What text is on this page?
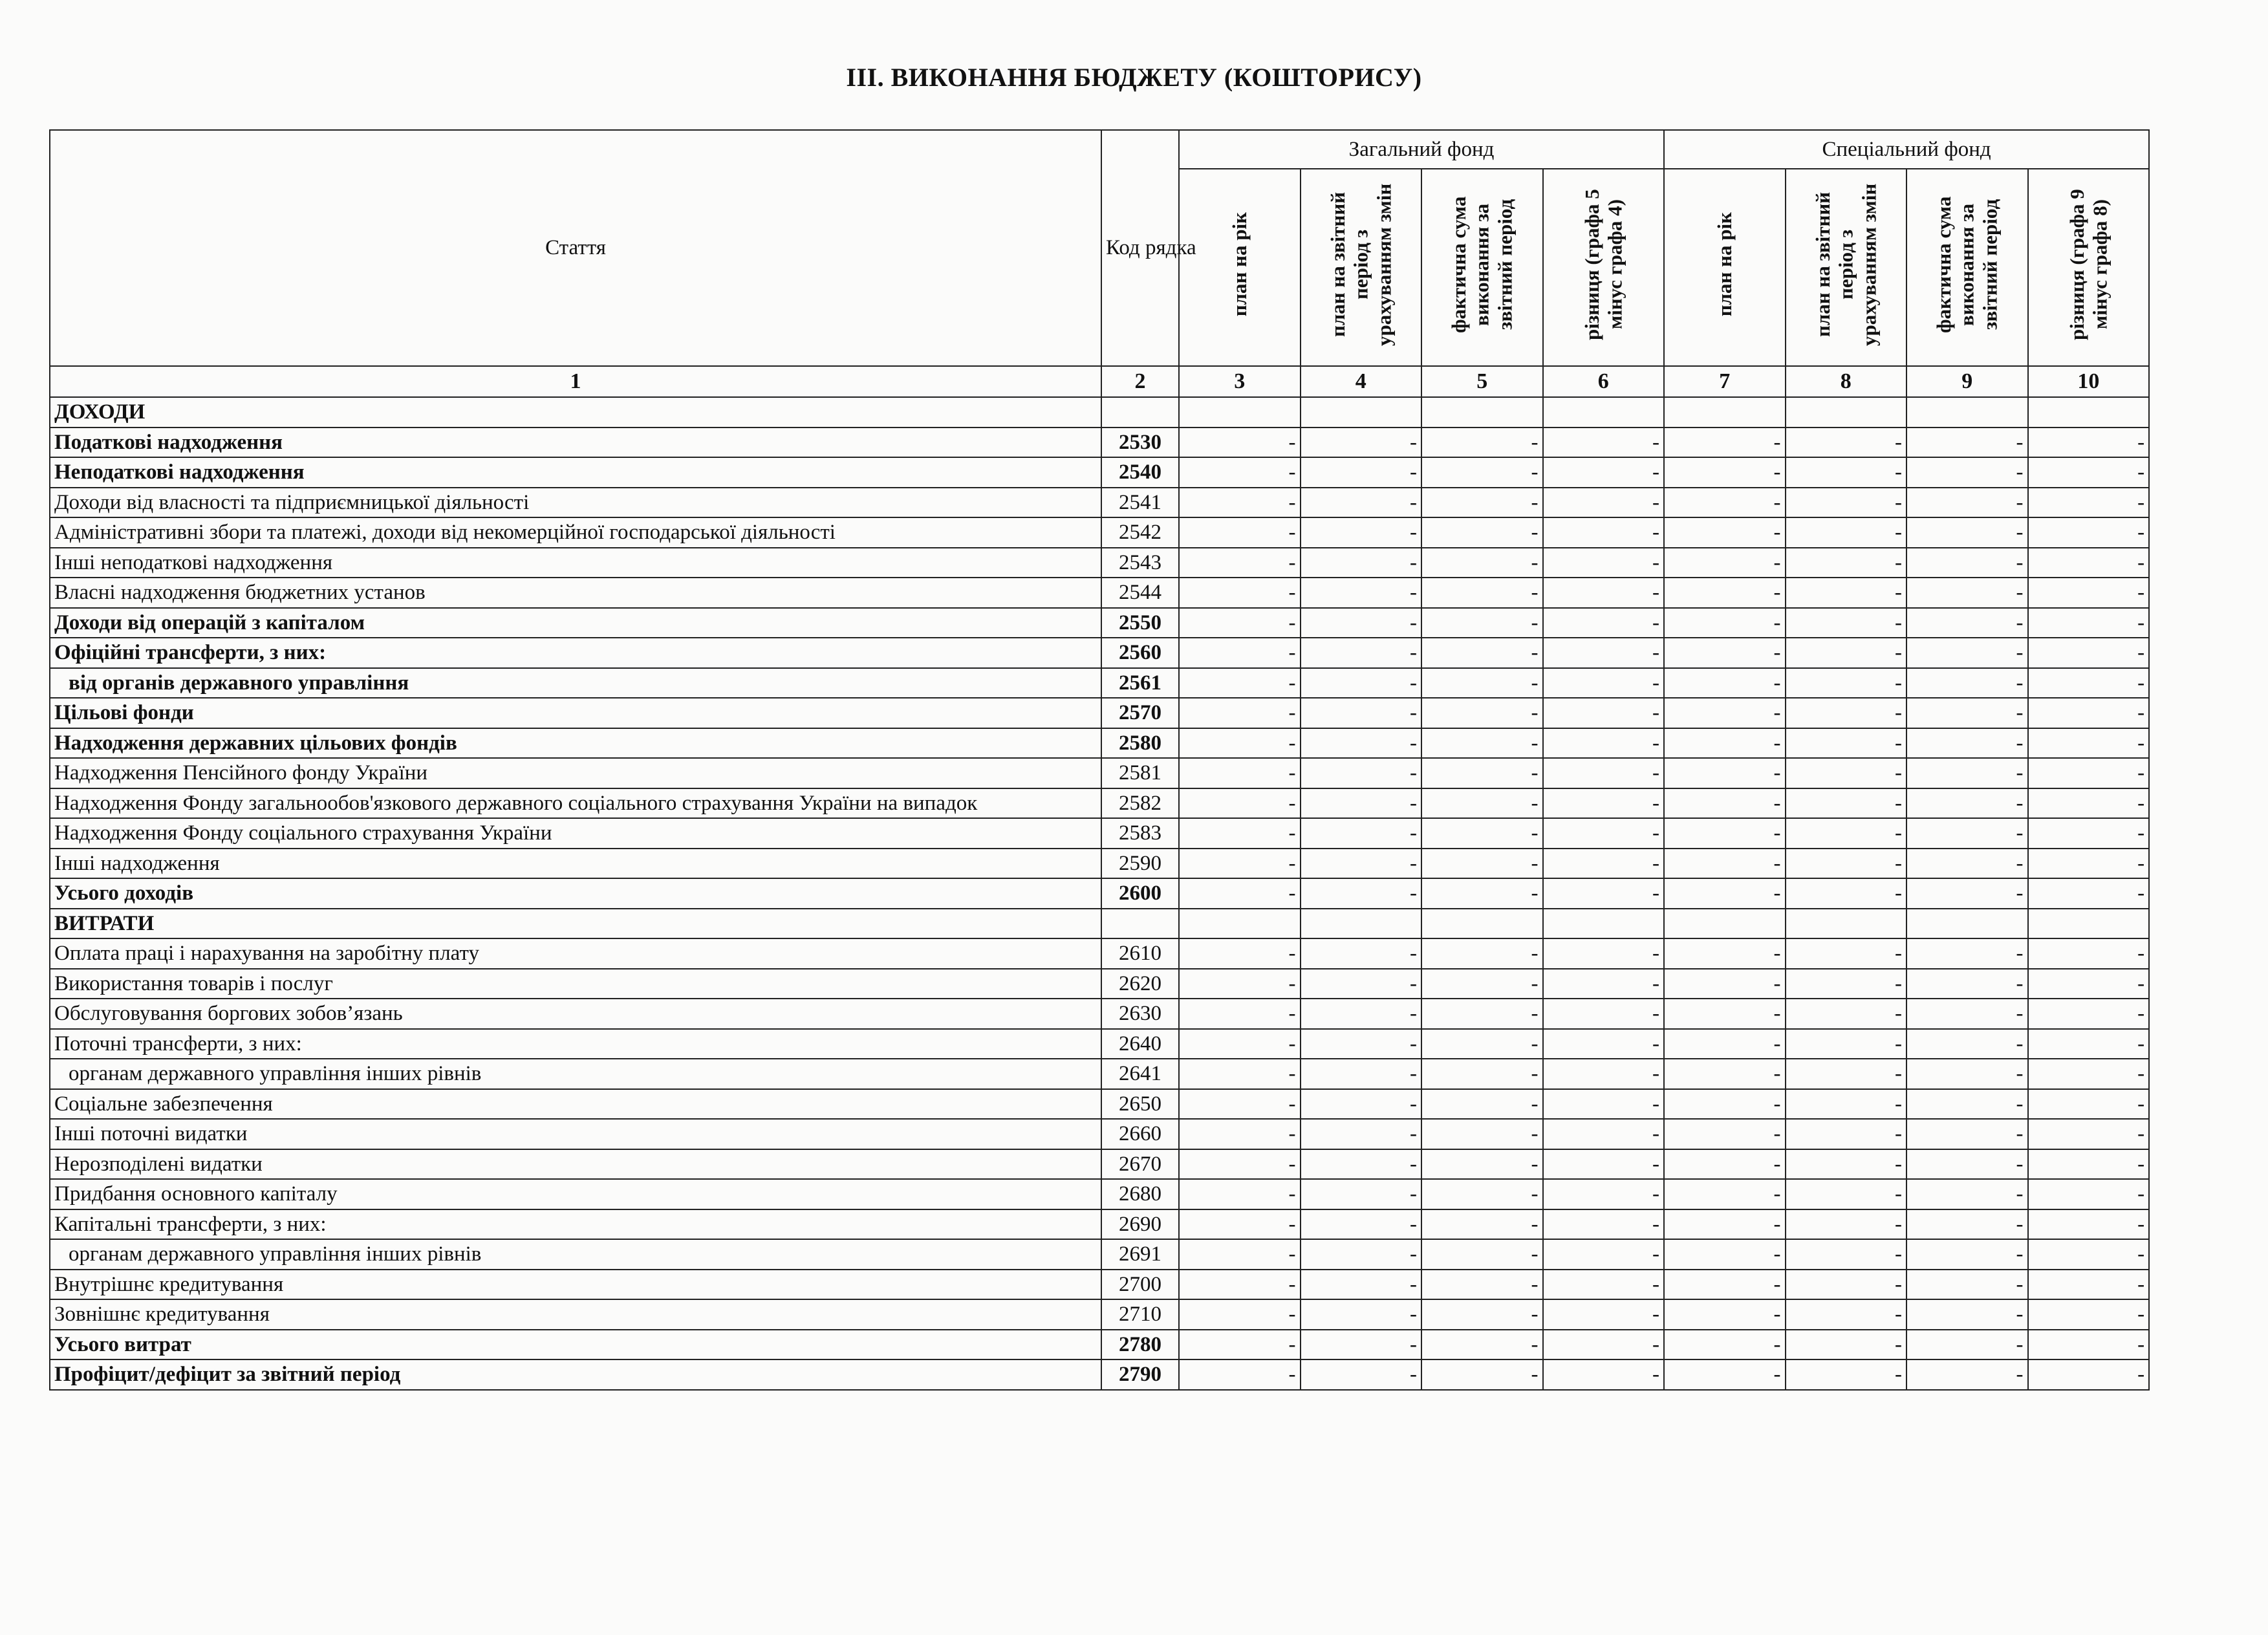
ІІІ. ВИКОНАННЯ БЮДЖЕТУ (КОШТОРИСУ)
Стаття	Код рядка	Загальний фонд				Спеціальний фонд			
		план на рік	план на звітний період з урахуванням змін	фактична сума виконання за звітний період	різниця (графа 5 мінус графа 4)	план на рік	план на звітний період з урахуванням змін	фактична сума виконання за звітний період	різниця (графа 9 мінус графа 8)
1	2	3	4	5	6	7	8	9	10
ДОХОДИ									
Податкові надходження	2530	-	-	-	-	-	-	-	-
Неподаткові надходження	2540	-	-	-	-	-	-	-	-
Доходи від власності та підприємницької діяльності	2541	-	-	-	-	-	-	-	-
Адміністративні збори та платежі, доходи від некомерційної господарської діяльності	2542	-	-	-	-	-	-	-	-
Інші неподаткові надходження	2543	-	-	-	-	-	-	-	-
Власні надходження бюджетних установ	2544	-	-	-	-	-	-	-	-
Доходи від операцій з капіталом	2550	-	-	-	-	-	-	-	-
Офіційні трансферти, з них:	2560	-	-	-	-	-	-	-	-
від органів державного управління	2561	-	-	-	-	-	-	-	-
Цільові фонди	2570	-	-	-	-	-	-	-	-
Надходження державних цільових фондів	2580	-	-	-	-	-	-	-	-
Надходження Пенсійного фонду України	2581	-	-	-	-	-	-	-	-
Надходження Фонду загальнообов'язкового державного соціального страхування України на випадок	2582	-	-	-	-	-	-	-	-
Надходження Фонду соціального страхування України	2583	-	-	-	-	-	-	-	-
Інші надходження	2590	-	-	-	-	-	-	-	-
Усього доходів	2600	-	-	-	-	-	-	-	-
ВИТРАТИ									
Оплата праці і нарахування на заробітну плату	2610	-	-	-	-	-	-	-	-
Використання товарів і послуг	2620	-	-	-	-	-	-	-	-
Обслуговування боргових зобов’язань	2630	-	-	-	-	-	-	-	-
Поточні трансферти, з них:	2640	-	-	-	-	-	-	-	-
органам державного управління інших рівнів	2641	-	-	-	-	-	-	-	-
Соціальне забезпечення	2650	-	-	-	-	-	-	-	-
Інші поточні видатки	2660	-	-	-	-	-	-	-	-
Нерозподілені видатки	2670	-	-	-	-	-	-	-	-
Придбання основного капіталу	2680	-	-	-	-	-	-	-	-
Капітальні трансферти, з них:	2690	-	-	-	-	-	-	-	-
органам державного управління інших рівнів	2691	-	-	-	-	-	-	-	-
Внутрішнє кредитування	2700	-	-	-	-	-	-	-	-
Зовнішнє кредитування	2710	-	-	-	-	-	-	-	-
Усього витрат	2780	-	-	-	-	-	-	-	-
Профіцит/дефіцит за звітний період	2790	-	-	-	-	-	-	-	-
